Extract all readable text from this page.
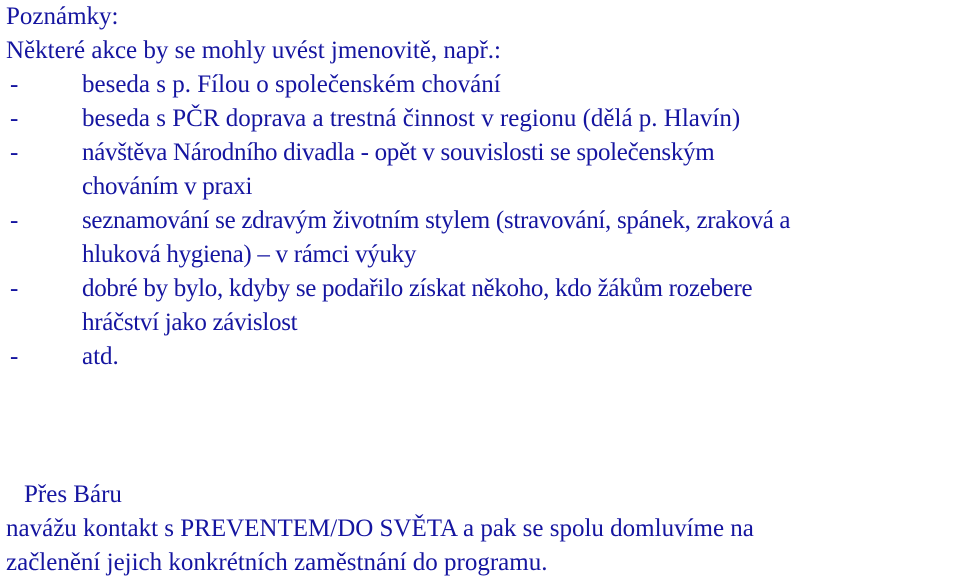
Poznámky:
Některé akce by se mohly uvést jmenovitě, např.:
-	beseda s p. Fílou o společenském chování
-	beseda s PČR doprava a trestná činnost v regionu (dělá p. Hlavín)
-	návštěva Národního divadla - opět v souvislosti se společenským
chováním v praxi
-	seznamování se zdravým životním stylem (stravování, spánek, zraková a
hluková hygiena) – v rámci výuky
-	dobré by bylo, kdyby se podařilo získat někoho, kdo žákům rozebere
hráčství jako závislost
-	atd.
Přes Báru
navážu kontakt s PREVENTEM/DO SVĚTA a pak se spolu domluvíme na
začlenění jejich konkrétních zaměstnání do programu.
